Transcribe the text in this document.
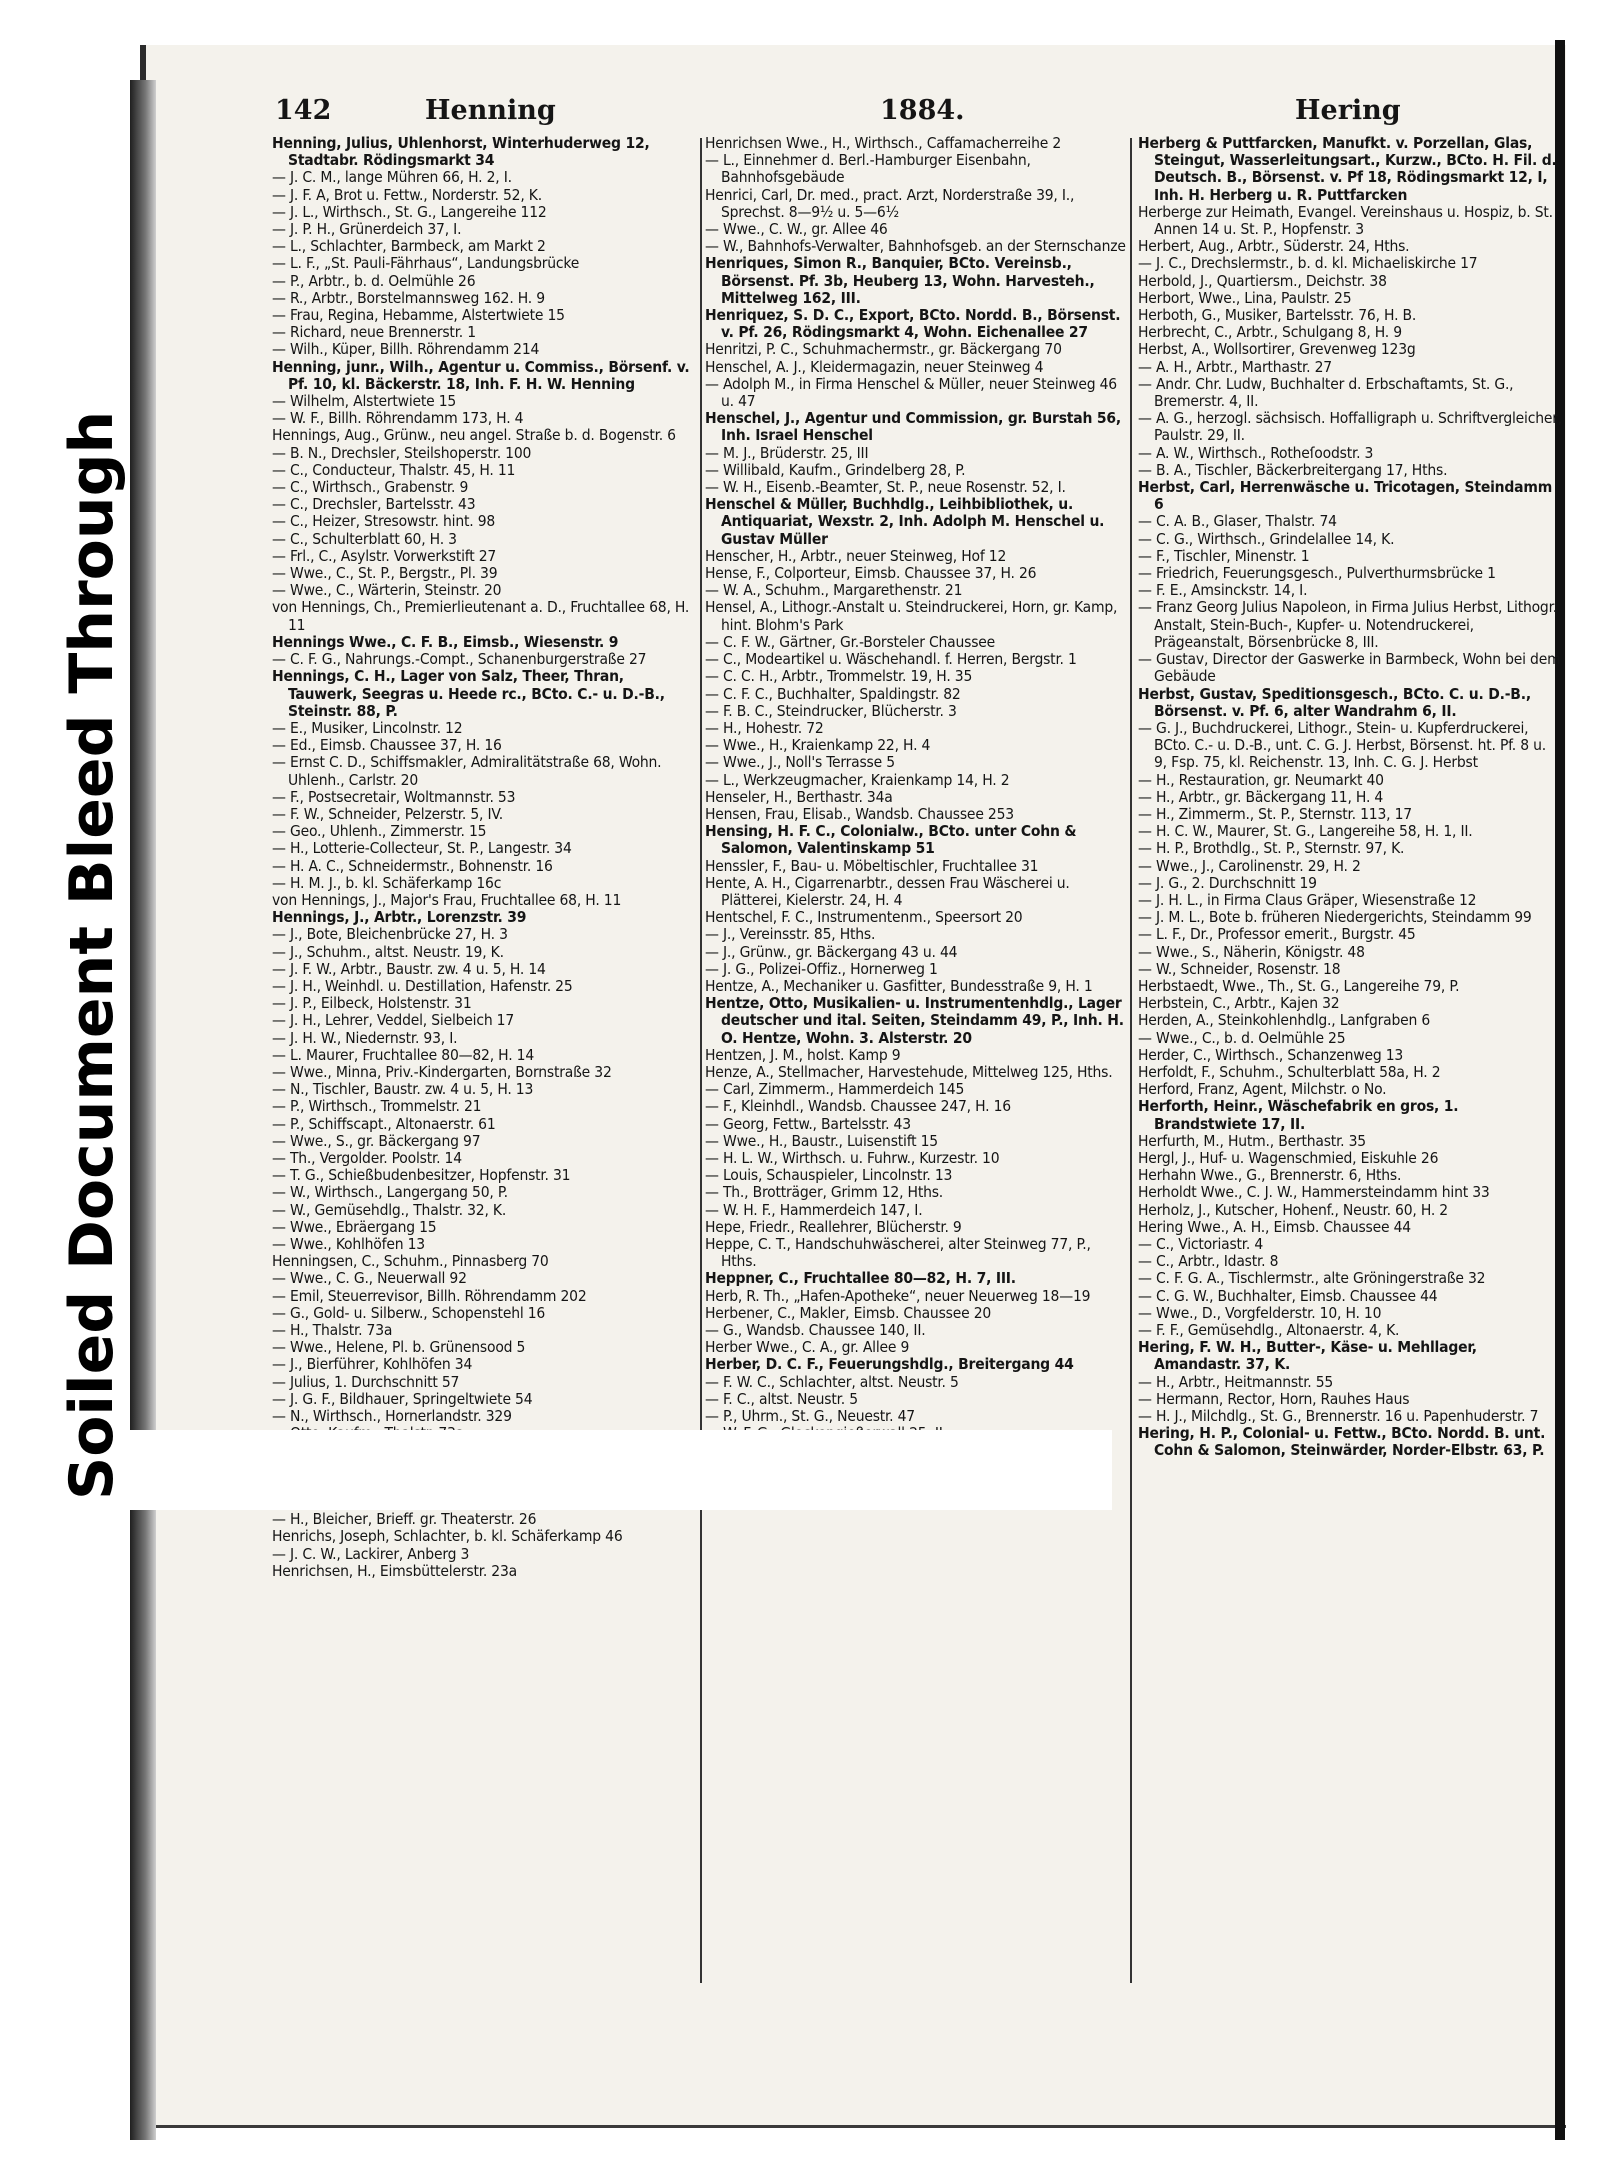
142	Henning	1884.	Hering

Henning, Julius, Uhlenhorst, Winterhuderweg 12, Stadtabr. Rödingsmarkt 34

— J. C. M., lange Mühren 66, H. 2, I.

— J. F. A, Brot u. Fettw., Norderstr. 52, K.

— J. L., Wirthsch., St. G., Langereihe 112

— J. P. H., Grünerdeich 37, I.

— L., Schlachter, Barmbeck, am Markt 2

— L. F., „St. Pauli-Fährhaus“, Landungsbrücke

— P., Arbtr., b. d. Oelmühle 26

— R., Arbtr., Borstelmannsweg 162. H. 9

— Frau, Regina, Hebamme, Alstertwiete 15

— Richard, neue Brennerstr. 1

— Wilh., Küper, Billh. Röhrendamm 214

Henning, junr., Wilh., Agentur u. Commiss., Börsenf. v. Pf. 10, kl. Bäckerstr. 18, Inh. F. H. W. Henning

— Wilhelm, Alstertwiete 15

— W. F., Billh. Röhrendamm 173, H. 4

Hennings, Aug., Grünw., neu angel. Straße b. d. Bogenstr. 6

— B. N., Drechsler, Steilshoperstr. 100

— C., Conducteur, Thalstr. 45, H. 11

— C., Wirthsch., Grabenstr. 9

— C., Drechsler, Bartelsstr. 43

— C., Heizer, Stresowstr. hint. 98

— C., Schulterblatt 60, H. 3

— Frl., C., Asylstr. Vorwerkstift 27

— Wwe., C., St. P., Bergstr., Pl. 39

— Wwe., C., Wärterin, Steinstr. 20

von Hennings, Ch., Premierlieutenant a. D., Fruchtallee 68, H. 11

Hennings Wwe., C. F. B., Eimsb., Wiesenstr. 9

— C. F. G., Nahrungs.-Compt., Schanenburgerstraße 27

Hennings, C. H., Lager von Salz, Theer, Thran, Tauwerk, Seegras u. Heede rc., BCto. C.- u. D.-B., Steinstr. 88, P.

— E., Musiker, Lincolnstr. 12

— Ed., Eimsb. Chaussee 37, H. 16

— Ernst C. D., Schiffsmakler, Admiralitätstraße 68, Wohn. Uhlenh., Carlstr. 20

— F., Postsecretair, Woltmannstr. 53

— F. W., Schneider, Pelzerstr. 5, IV.

— Geo., Uhlenh., Zimmerstr. 15

— H., Lotterie-Collecteur, St. P., Langestr. 34

— H. A. C., Schneidermstr., Bohnenstr. 16

— H. M. J., b. kl. Schäferkamp 16c

von Hennings, J., Major's Frau, Fruchtallee 68, H. 11

Hennings, J., Arbtr., Lorenzstr. 39

— J., Bote, Bleichenbrücke 27, H. 3

— J., Schuhm., altst. Neustr. 19, K.

— J. F. W., Arbtr., Baustr. zw. 4 u. 5, H. 14

— J. H., Weinhdl. u. Destillation, Hafenstr. 25

— J. P., Eilbeck, Holstenstr. 31

— J. H., Lehrer, Veddel, Sielbeich 17

— J. H. W., Niedernstr. 93, I.

— L. Maurer, Fruchtallee 80—82, H. 14

— Wwe., Minna, Priv.-Kindergarten, Bornstraße 32

— N., Tischler, Baustr. zw. 4 u. 5, H. 13

— P., Wirthsch., Trommelstr. 21

— P., Schiffscapt., Altonaerstr. 61

— Wwe., S., gr. Bäckergang 97

— Th., Vergolder. Poolstr. 14

— T. G., Schießbudenbesitzer, Hopfenstr. 31

— W., Wirthsch., Langergang 50, P.

— W., Gemüsehdlg., Thalstr. 32, K.

— Wwe., Ebräergang 15

— Wwe., Kohlhöfen 13

Henningsen, C., Schuhm., Pinnasberg 70

— Wwe., C. G., Neuerwall 92

— Emil, Steuerrevisor, Billh. Röhrendamm 202

— G., Gold- u. Silberw., Schopenstehl 16

— H., Thalstr. 73a

— Wwe., Helene, Pl. b. Grünensood 5

— J., Bierführer, Kohlhöfen 34

— Julius, 1. Durchschnitt 57

— J. G. F., Bildhauer, Springeltwiete 54

— N., Wirthsch., Hornerlandstr. 329

— H., Bleicher, Brieff. gr. Theaterstr. 26

Henrichs, Joseph, Schlachter, b. kl. Schäferkamp 46

— J. C. W., Lackirer, Anberg 3

Henrichsen, H., Eimsbüttelerstr. 23a

Henrichsen Wwe., H., Wirthsch., Caffamacherreihe 2

— L., Einnehmer d. Berl.-Hamburger Eisenbahn, Bahnhofsgebäude

Henrici, Carl, Dr. med., pract. Arzt, Norderstraße 39, I., Sprechst. 8—9½ u. 5—6½

— Wwe., C. W., gr. Allee 46

— W., Bahnhofs-Verwalter, Bahnhofsgeb. an der Sternschanze

Henriques, Simon R., Banquier, BCto. Vereinsb., Börsenst. Pf. 3b, Heuberg 13, Wohn. Harvesteh., Mittelweg 162, III.

Henriquez, S. D. C., Export, BCto. Nordd. B., Börsenst. v. Pf. 26, Rödingsmarkt 4, Wohn. Eichenallee 27

Henritzi, P. C., Schuhmachermstr., gr. Bäckergang 70

Henschel, A. J., Kleidermagazin, neuer Steinweg 4

— Adolph M., in Firma Henschel & Müller, neuer Steinweg 46 u. 47

Henschel, J., Agentur und Commission, gr. Burstah 56, Inh. Israel Henschel

— M. J., Brüderstr. 25, III

— Willibald, Kaufm., Grindelberg 28, P.

— W. H., Eisenb.-Beamter, St. P., neue Rosenstr. 52, I.

Henschel & Müller, Buchhdlg., Leihbibliothek, u. Antiquariat, Wexstr. 2, Inh. Adolph M. Henschel u. Gustav Müller

Henscher, H., Arbtr., neuer Steinweg, Hof 12

Hense, F., Colporteur, Eimsb. Chaussee 37, H. 26

— W. A., Schuhm., Margarethenstr. 21

Hensel, A., Lithogr.-Anstalt u. Steindruckerei, Horn, gr. Kamp, hint. Blohm's Park

— C. F. W., Gärtner, Gr.-Borsteler Chaussee

— C., Modeartikel u. Wäschehandl. f. Herren, Bergstr. 1

— C. C. H., Arbtr., Trommelstr. 19, H. 35

— C. F. C., Buchhalter, Spaldingstr. 82

— F. B. C., Steindrucker, Blücherstr. 3

— H., Hohestr. 72

— Wwe., H., Kraienkamp 22, H. 4

— Wwe., J., Noll's Terrasse 5

— L., Werkzeugmacher, Kraienkamp 14, H. 2

Henseler, H., Berthastr. 34a

Hensen, Frau, Elisab., Wandsb. Chaussee 253

Hensing, H. F. C., Colonialw., BCto. unter Cohn & Salomon, Valentinskamp 51

Henssler, F., Bau- u. Möbeltischler, Fruchtallee 31

Hente, A. H., Cigarrenarbtr., dessen Frau Wäscherei u. Plätterei, Kielerstr. 24, H. 4

Hentschel, F. C., Instrumentenm., Speersort 20

— J., Vereinsstr. 85, Hths.

— J., Grünw., gr. Bäckergang 43 u. 44

— J. G., Polizei-Offiz., Hornerweg 1

Hentze, A., Mechaniker u. Gasfitter, Bundesstraße 9, H. 1

Hentze, Otto, Musikalien- u. Instrumentenhdlg., Lager deutscher und ital. Seiten, Steindamm 49, P., Inh. H. O. Hentze, Wohn. 3. Alsterstr. 20

Hentzen, J. M., holst. Kamp 9

Henze, A., Stellmacher, Harvestehude, Mittelweg 125, Hths.

— Carl, Zimmerm., Hammerdeich 145

— F., Kleinhdl., Wandsb. Chaussee 247, H. 16

— Georg, Fettw., Bartelsstr. 43

— Wwe., H., Baustr., Luisenstift 15

— H. L. W., Wirthsch. u. Fuhrw., Kurzestr. 10

— Louis, Schauspieler, Lincolnstr. 13

— Th., Brotträger, Grimm 12, Hths.

— W. H. F., Hammerdeich 147, I.

Hepe, Friedr., Reallehrer, Blücherstr. 9

Heppe, C. T., Handschuhwäscherei, alter Steinweg 77, P., Hths.

Heppner, C., Fruchtallee 80—82, H. 7, III.

Herb, R. Th., „Hafen-Apotheke“, neuer Neuerweg 18—19

Herbener, C., Makler, Eimsb. Chaussee 20

— G., Wandsb. Chaussee 140, II.

Herber Wwe., C. A., gr. Allee 9

Herber, D. C. F., Feuerungshdlg., Breitergang 44

— F. W. C., Schlachter, altst. Neustr. 5

— F. C., altst. Neustr. 5

— P., Uhrm., St. G., Neuestr. 47

Herberg & Puttfarcken, Manufkt. v. Porzellan, Glas, Steingut, Wasserleitungsart., Kurzw., BCto. H. Fil. d. Deutsch. B., Börsenst. v. Pf 18, Rödingsmarkt 12, I, Inh. H. Herberg u. R. Puttfarcken

Herberge zur Heimath, Evangel. Vereinshaus u. Hospiz, b. St. Annen 14 u. St. P., Hopfenstr. 3

Herbert, Aug., Arbtr., Süderstr. 24, Hths.

— J. C., Drechslermstr., b. d. kl. Michaeliskirche 17

Herbold, J., Quartiersm., Deichstr. 38

Herbort, Wwe., Lina, Paulstr. 25

Herboth, G., Musiker, Bartelsstr. 76, H. B.

Herbrecht, C., Arbtr., Schulgang 8, H. 9

Herbst, A., Wollsortirer, Grevenweg 123g

— A. H., Arbtr., Marthastr. 27

— Andr. Chr. Ludw, Buchhalter d. Erbschaftamts, St. G., Bremerstr. 4, II.

— A. G., herzogl. sächsisch. Hoffalligraph u. Schriftvergleicher, Paulstr. 29, II.

— A. W., Wirthsch., Rotheſoodstr. 3

— B. A., Tischler, Bäckerbreitergang 17, Hths.

Herbst, Carl, Herrenwäsche u. Tricotagen, Steindamm 6

— C. A. B., Glaser, Thalstr. 74

— C. G., Wirthsch., Grindelallee 14, K.

— F., Tischler, Minenstr. 1

— Friedrich, Feuerungsgesch., Pulverthurmsbrücke 1

— F. E., Amsinckstr. 14, I.

— Franz Georg Julius Napoleon, in Firma Julius Herbst, Lithogr. Anstalt, Stein-Buch-, Kupfer- u. Notendruckerei, Prägeanstalt, Börsenbrücke 8, III.

— Gustav, Director der Gaswerke in Barmbeck, Wohn bei dem Gebäude

Herbst, Gustav, Speditionsgesch., BCto. C. u. D.-B., Börsenst. v. Pf. 6, alter Wandrahm 6, II.

— G. J., Buchdruckerei, Lithogr., Stein- u. Kupferdruckerei, BCto. C.- u. D.-B., unt. C. G. J. Herbst, Börsenst. ht. Pf. 8 u. 9, Fsp. 75, kl. Reichenstr. 13, Inh. C. G. J. Herbst

— H., Restauration, gr. Neumarkt 40

— H., Arbtr., gr. Bäckergang 11, H. 4

— H., Zimmerm., St. P., Sternstr. 113, 17

— H. C. W., Maurer, St. G., Langereihe 58, H. 1, II.

— H. P., Brothdlg., St. P., Sternstr. 97, K.

— Wwe., J., Carolinenstr. 29, H. 2

— J. G., 2. Durchschnitt 19

— J. H. L., in Firma Claus Gräper, Wiesenstraße 12

— J. M. L., Bote b. früheren Niedergerichts, Steindamm 99

— L. F., Dr., Professor emerit., Burgstr. 45

— Wwe., S., Näherin, Königstr. 48

— W., Schneider, Rosenstr. 18

Herbstaedt, Wwe., Th., St. G., Langereihe 79, P.

Herbstein, C., Arbtr., Kajen 32

Herden, A., Steinkohlenhdlg., Lanfgraben 6

— Wwe., C., b. d. Oelmühle 25

Herder, C., Wirthsch., Schanzenweg 13

Herfoldt, F., Schuhm., Schulterblatt 58a, H. 2

Herford, Franz, Agent, Milchstr. o No.

Herforth, Heinr., Wäschefabrik en gros, 1. Brandstwiete 17, II.

Herfurth, M., Hutm., Berthastr. 35

Hergl, J., Huf- u. Wagenschmied, Eiskuhle 26

Herhahn Wwe., G., Brennerstr. 6, Hths.

Herholdt Wwe., C. J. W., Hammersteindamm hint 33

Herholz, J., Kutscher, Hohenf., Neustr. 60, H. 2

Hering Wwe., A. H., Eimsb. Chaussee 44

— C., Victoriastr. 4

— C., Arbtr., Idastr. 8

— C. F. G. A., Tischlermstr., alte Gröningerstraße 32

— C. G. W., Buchhalter, Eimsb. Chaussee 44

— Wwe., D., Vorgfelderstr. 10, H. 10

— F. F., Gemüsehdlg., Altonaerstr. 4, K.

Hering, F. W. H., Butter-, Käse- u. Mehllager, Amandastr. 37, K.

— H., Arbtr., Heitmannstr. 55

— Hermann, Rector, Horn, Rauhes Haus

— H. J., Milchdlg., St. G., Brennerstr. 16 u. Papenhuderstr. 7

Hering, H. P., Colonial- u. Fettw., BCto. Nordd. B. unt. Cohn & Salomon, Steinwärder, Norder-Elbstr. 63, P.

Soiled Document Bleed Through
